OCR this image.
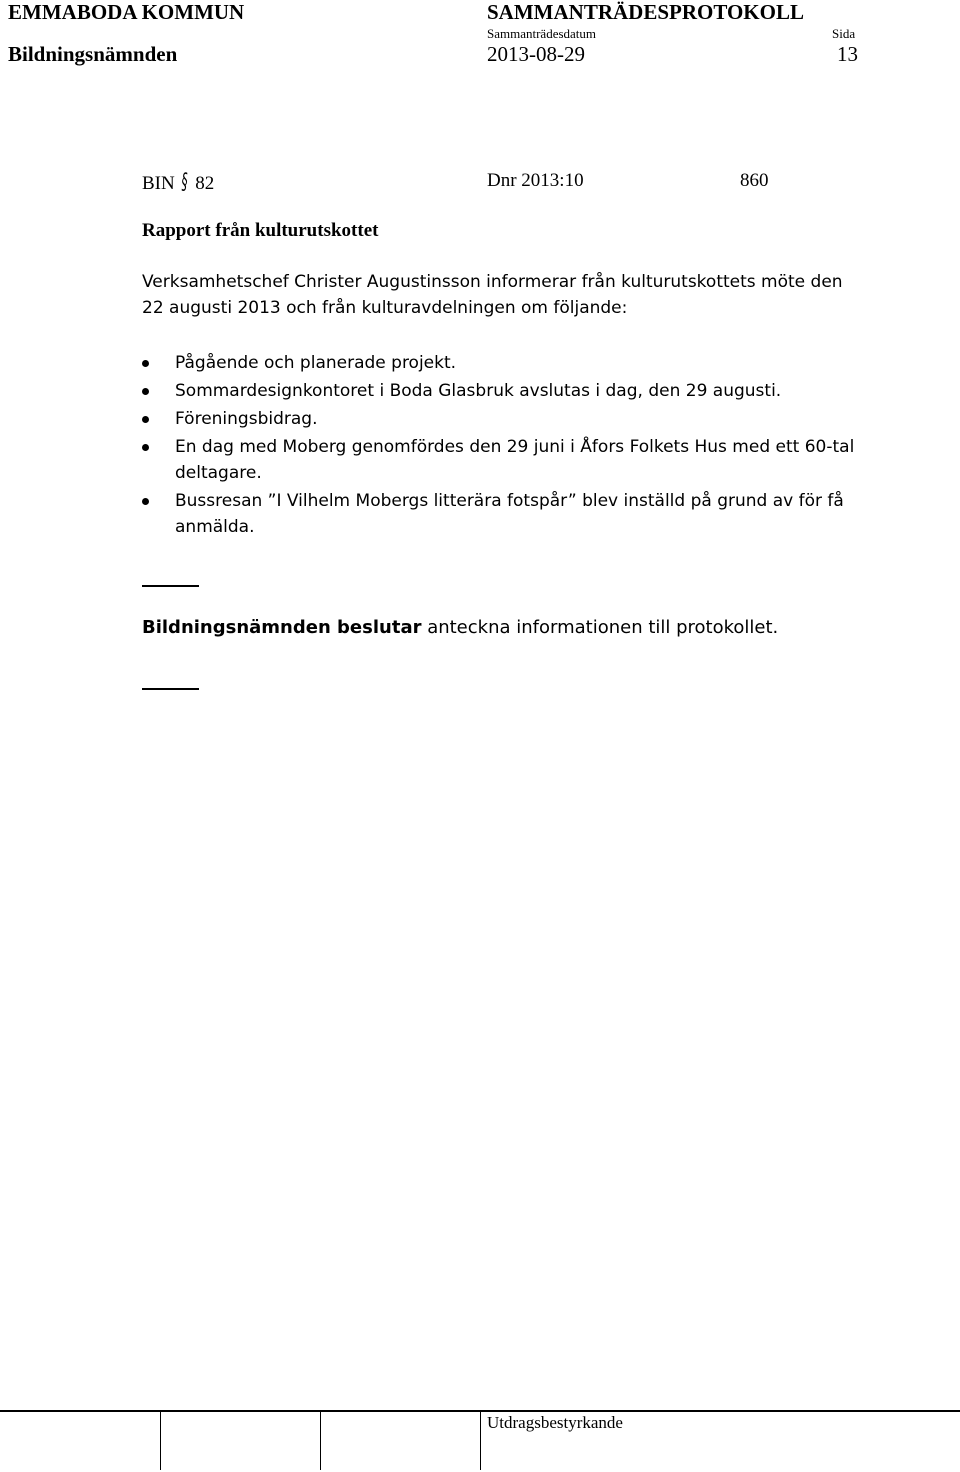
EMMABODA KOMMUN	SAMMANTRÄDESPROTOKOLL
Sammanträdesdatum	Sida
Bildningsnämnden	2013-08-29	13
BIN § 82	Dnr 2013:10	860
Rapport från kulturutskottet
Verksamhetschef Christer Augustinsson informerar från kulturutskottets möte den
22 augusti 2013 och från kulturavdelningen om följande:
Pågående och planerade projekt.
Sommardesignkontoret i Boda Glasbruk avslutas i dag, den 29 augusti.
Föreningsbidrag.
En dag med Moberg genomfördes den 29 juni i Åfors Folkets Hus med ett 60-tal deltagare.
Bussresan ”I Vilhelm Mobergs litterära fotspår” blev inställd på grund av för få anmälda.
Bildningsnämnden beslutar anteckna informationen till protokollet.
Utdragsbestyrkande
